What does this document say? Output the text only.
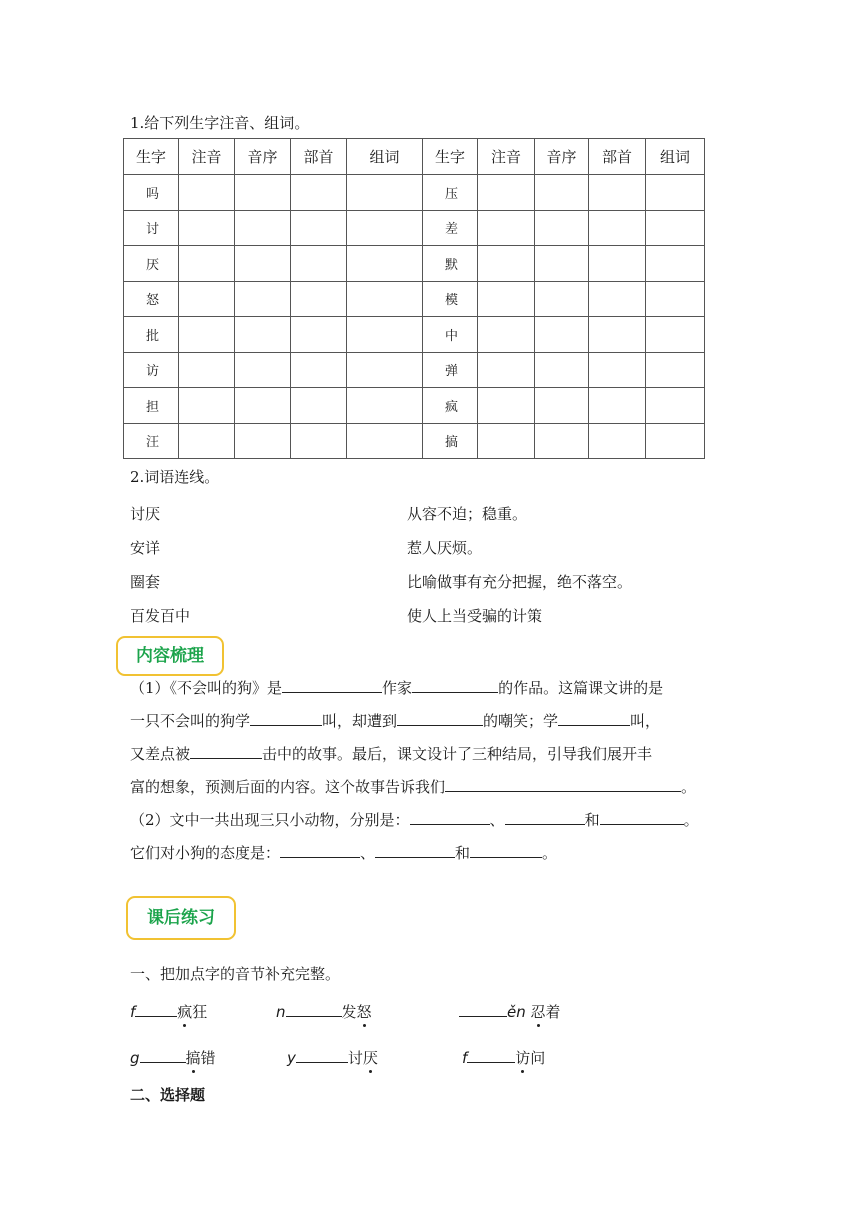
1.给下列生字注音、组词。
生字	注音	音序	部首	组词	生字	注音	音序	部首	组词
吗					压				
讨					差				
厌					默				
怒					模				
批					中				
访					弹				
担					疯				
汪					搞				
2.词语连线。
讨厌
安详
圈套
百发百中
从容不迫；稳重。
惹人厌烦。
比喻做事有充分把握，绝不落空。
使人上当受骗的计策
内容梳理
（1）《不会叫的狗》是	作家	的作品。这篇课文讲的是
一只不会叫的狗学	叫，却遭到	的嘲笑；学	叫，
又差点被	击中的故事。最后，课文设计了三种结局，引导我们展开丰
富的想象，预测后面的内容。这个故事告诉我们	。
（2）文中一共出现三只小动物，分别是：	、	和	。
它们对小狗的态度是：	、	和	。
课后练习
一、把加点字的音节补充完整。
f	疯狂	n	发怒	ěn 忍着
g	搞错	y	讨厌	f	访问
二、选择题
